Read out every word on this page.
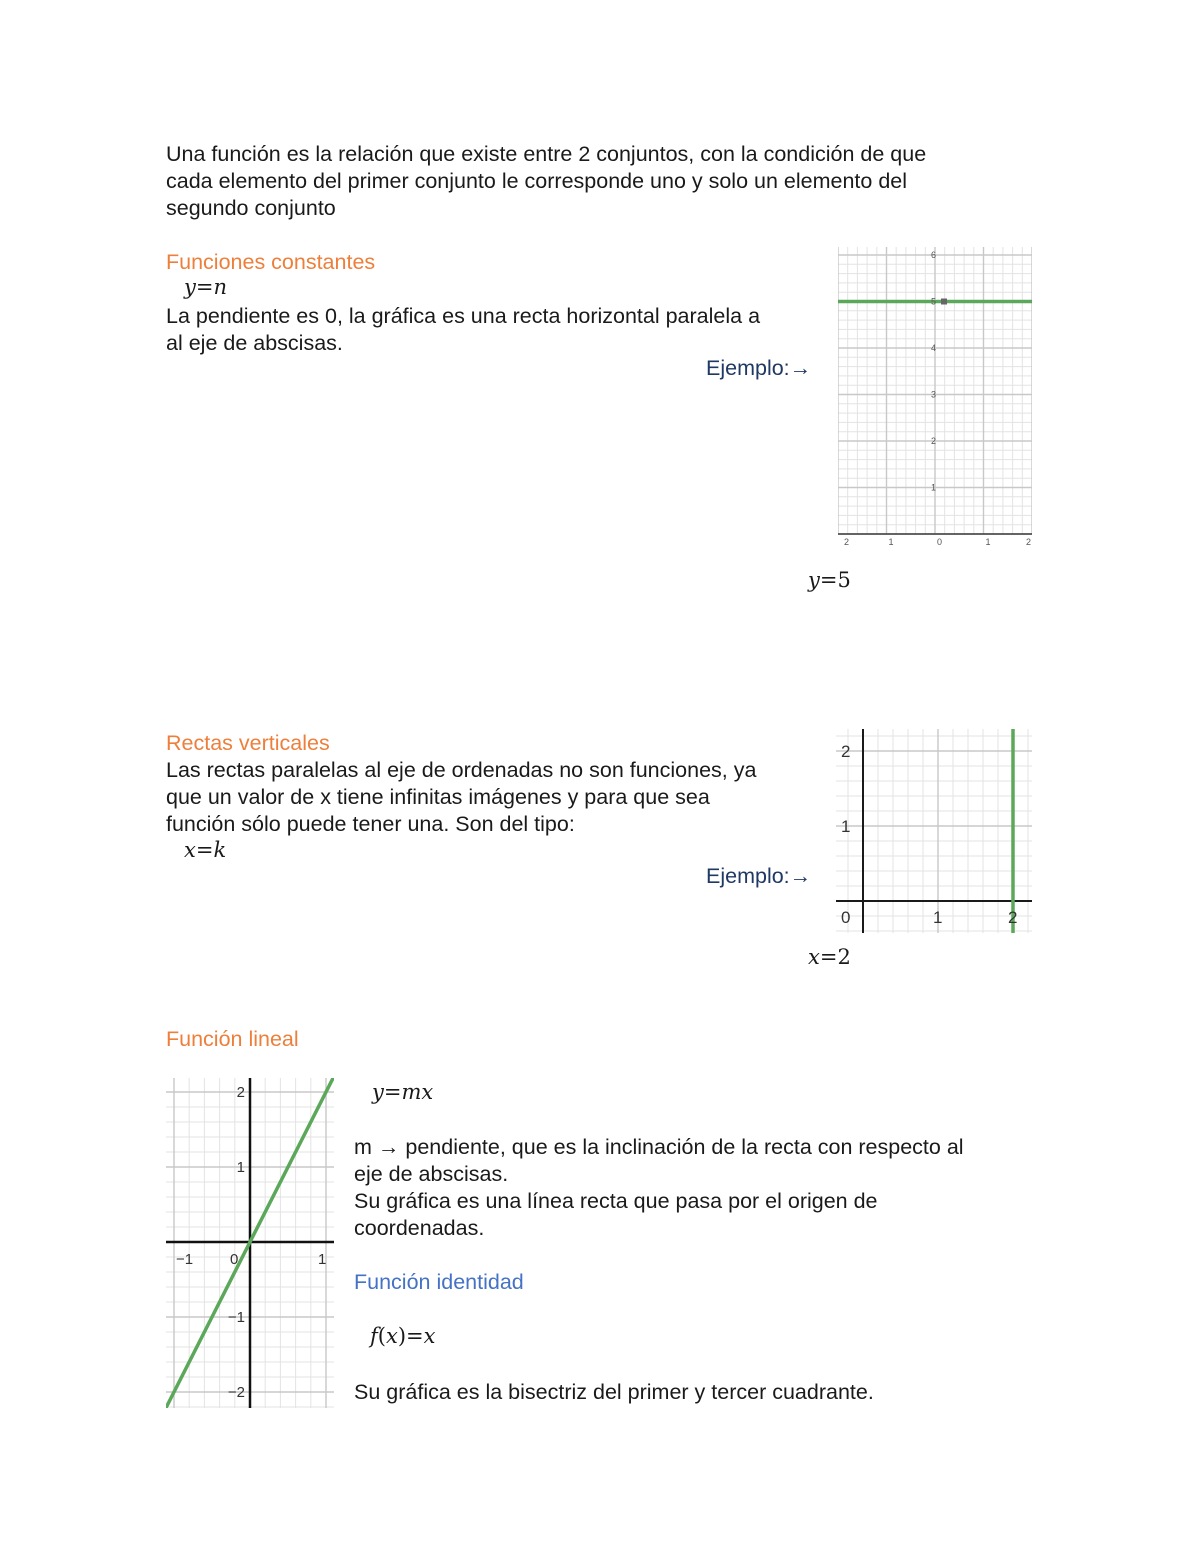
Una función es la relación que existe entre 2 conjuntos, con la condición de que
cada elemento del primer conjunto le corresponde uno y solo un elemento del
segundo conjunto
Funciones constantes
y=n
La pendiente es 0, la gráfica es una recta horizontal paralela a
al eje de abscisas.
Ejemplo:→
2	1	0	1	2
1
2
3
4
5
6
y=5
Rectas verticales
Las rectas paralelas al eje de ordenadas no son funciones, ya
que un valor de x tiene infinitas imágenes y para que sea
función sólo puede tener una. Son del tipo:
x=k
Ejemplo:→
0	1	2
1
2
x=2
Función lineal
−1 0	1
2
1
−1
−2
y=mx
m → pendiente, que es la inclinación de la recta con respecto al
eje de abscisas.
Su gráfica es una línea recta que pasa por el origen de
coordenadas.
Función identidad
f(x)=x
Su gráfica es la bisectriz del primer y tercer cuadrante.
